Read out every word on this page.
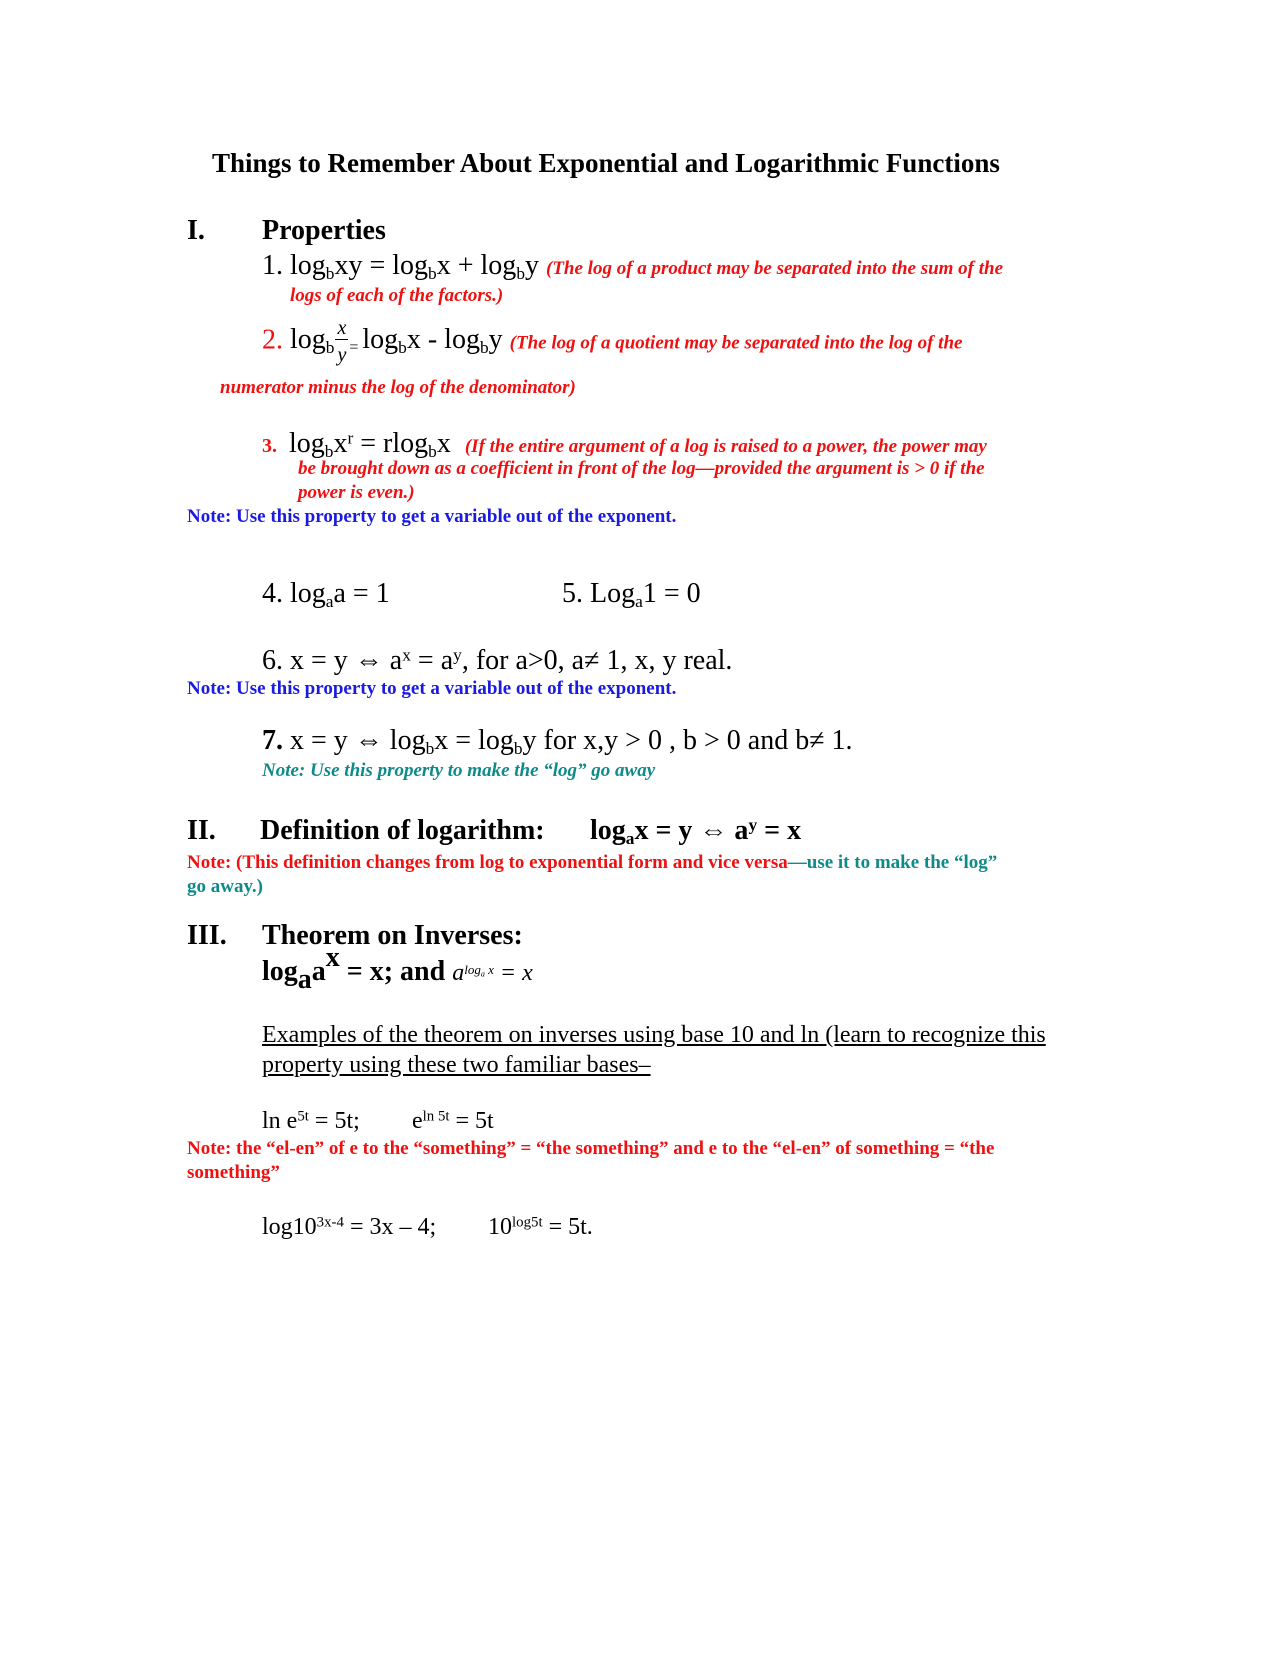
Things to Remember About Exponential and Logarithmic Functions
I. Properties
1. $\log_bxy = \log_bx + \log_by$ (The log of a product may be separated into the sum of the
logs of each of the factors.)
2. $\log_b \frac{x}{y} = \log_bx - \log_by$ (The log of a quotient may be separated into the log of the
numerator minus the log of the denominator)
3. $\log_bx^r = rlog_bx$ (If the entire argument of a log is raised to a power, the power may
be brought down as a coefficient in front of the log—provided the argument is > 0 if the
power is even.)
Note: Use this property to get a variable out of the exponent.
4. $\log_aa = 1$	5. Log$_a$1 = 0
6. x = y ⇔ $a^x = a^y$, for a>0, a≠ 1, x, y real.
Note: Use this property to get a variable out of the exponent.
7. x = y ⇔ $\log_bx = \log_by$ for x,y > 0 , b > 0 and b≠ 1.
Note: Use this property to make the “log” go away
II. Definition of logarithm: $\log_ax = y$ ⇔ $a^y = x$
Note: (This definition changes from log to exponential form and vice versa—use it to make the “log”
go away.)
III. Theorem on Inverses:
$\log_aa^x = x$; and $a^{log_a x} = x$
Examples of the theorem on inverses using base 10 and ln (learn to recognize this
property using these two familiar bases–
$\ln e^{5t} = 5t$; $e^{ln 5t} = 5t$
Note: the “el-en” of e to the “something” = “the something” and e to the “el-en” of something = “the
something”
$\log 10^{3x-4} = 3x - 4$; $10^{log5t} = 5t$.
